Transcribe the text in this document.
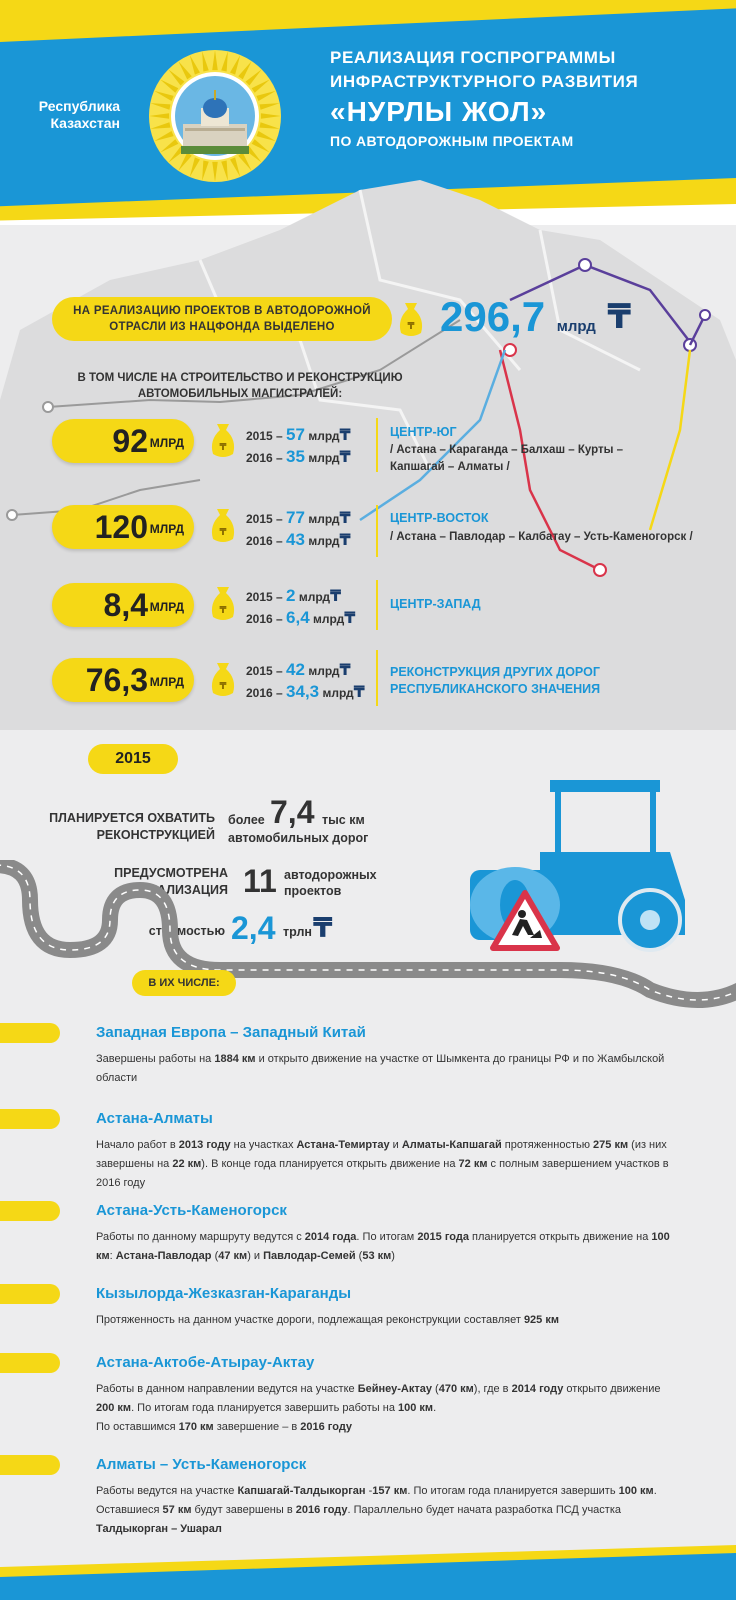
Республика
Казахстан
РЕАЛИЗАЦИЯ ГОСПРОГРАММЫ
ИНФРАСТРУКТУРНОГО РАЗВИТИЯ
«НУРЛЫ ЖОЛ»
ПО АВТОДОРОЖНЫМ ПРОЕКТАМ
НА РЕАЛИЗАЦИЮ ПРОЕКТОВ В АВТОДОРОЖНОЙ ОТРАСЛИ ИЗ НАЦФОНДА ВЫДЕЛЕНО	₸ 296,7 млрд ₸
В ТОМ ЧИСЛЕ НА СТРОИТЕЛЬСТВО И РЕКОНСТРУКЦИЮ АВТОМОБИЛЬНЫХ МАГИСТРАЛЕЙ:
92 МЛРД	₸
2015 – 57 млрд₸
2016 – 35 млрд₸
ЦЕНТР-ЮГ
/ Астана – Караганда – Балхаш – Курты – Капшагай – Алматы /
120 МЛРД	₸
2015 – 77 млрд₸
2016 – 43 млрд₸
ЦЕНТР-ВОСТОК
/ Астана – Павлодар – Калбатау – Усть-Каменогорск /
8,4 МЛРД	₸
2015 – 2 млрд₸
2016 – 6,4 млрд₸
ЦЕНТР-ЗАПАД
76,3 МЛРД	₸
2015 – 42 млрд₸
2016 – 34,3 млрд₸
РЕКОНСТРУКЦИЯ ДРУГИХ ДОРОГ РЕСПУБЛИКАНСКОГО ЗНАЧЕНИЯ
2015
ПЛАНИРУЕТСЯ ОХВАТИТЬ РЕКОНСТРУКЦИЕЙ
более 7,4 тыс км
автомобильных дорог
ПРЕДУСМОТРЕНА РЕАЛИЗАЦИЯ 11 автодорожных проектов
стоимостью 2,4 трлн ₸
В ИХ ЧИСЛЕ:
Западная Европа – Западный Китай
Завершены работы на 1884 км и открыто движение на участке от Шымкента до границы РФ и по Жамбылской области
Астана-Алматы
Начало работ в 2013 году на участках Астана-Темиртау и Алматы-Капшагай протяженностью 275 км (из них завершены на 22 км). В конце года планируется открыть движение на 72 км с полным завершением участков в 2016 году
Астана-Усть-Каменогорск
Работы по данному маршруту ведутся с 2014 года. По итогам 2015 года планируется открыть движение на 100 км: Астана-Павлодар (47 км) и Павлодар-Семей (53 км)
Кызылорда-Жезказган-Караганды
Протяженность на данном участке дороги, подлежащая реконструкции составляет 925 км
Астана-Актобе-Атырау-Актау
Работы в данном направлении ведутся на участке Бейнеу-Актау (470 км), где в 2014 году открыто движение 200 км. По итогам года планируется завершить работы на 100 км.
По оставшимся 170 км завершение – в 2016 году
Алматы – Усть-Каменогорск
Работы ведутся на участке Капшагай-Талдыкорган -157 км. По итогам года планируется завершить 100 км. Оставшиеся 57 км будут завершены в 2016 году. Параллельно будет начата разработка ПСД участка Талдыкорган – Ушарал
